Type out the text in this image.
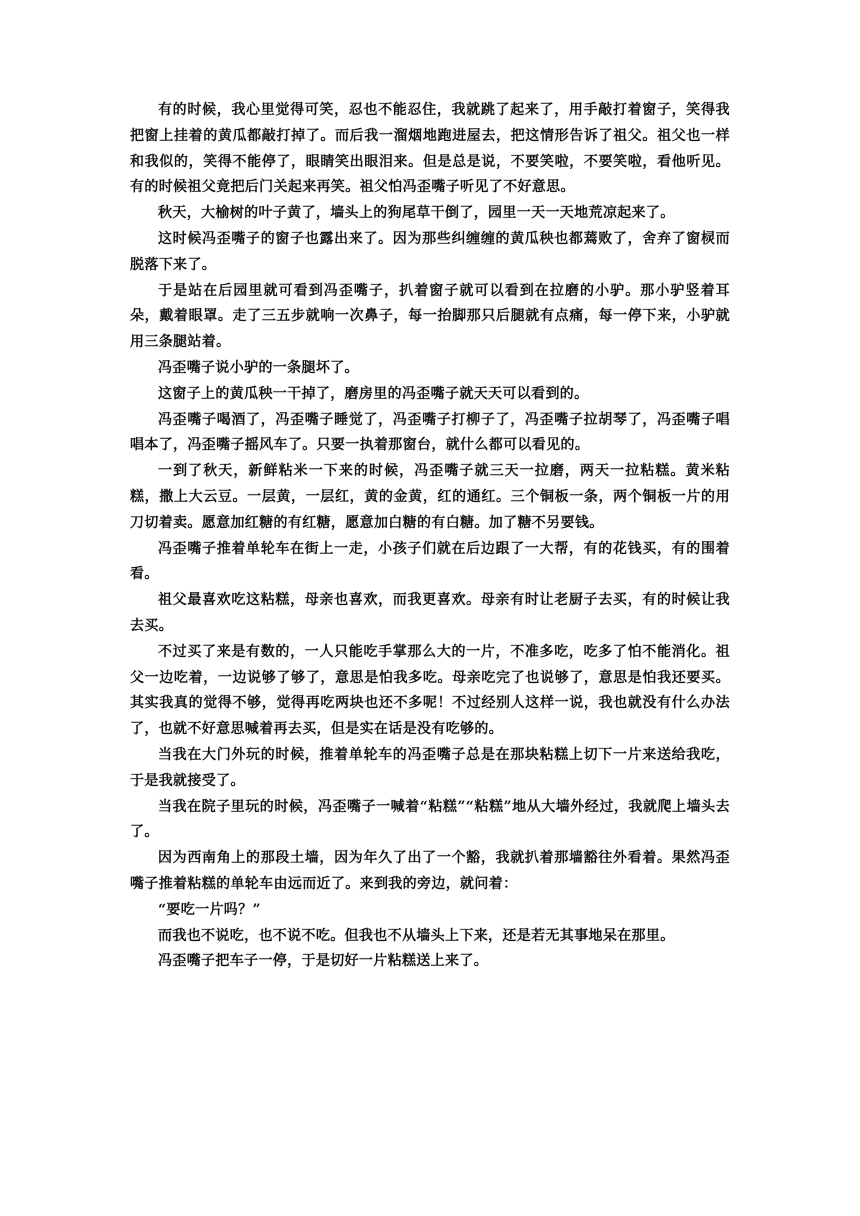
有的时候，我心里觉得可笑，忍也不能忍住，我就跳了起来了，用手敲打着窗子，笑得我把窗上挂着的黄瓜都敲打掉了。而后我一溜烟地跑进屋去，把这情形告诉了祖父。祖父也一样和我似的，笑得不能停了，眼睛笑出眼泪来。但是总是说，不要笑啦，不要笑啦，看他听见。有的时候祖父竟把后门关起来再笑。祖父怕冯歪嘴子听见了不好意思。

秋天，大榆树的叶子黄了，墙头上的狗尾草干倒了，园里一天一天地荒凉起来了。

这时候冯歪嘴子的窗子也露出来了。因为那些纠缠缠的黄瓜秧也都蔫败了，舍弃了窗棂而脱落下来了。

于是站在后园里就可看到冯歪嘴子，扒着窗子就可以看到在拉磨的小驴。那小驴竖着耳朵，戴着眼罩。走了三五步就响一次鼻子，每一抬脚那只后腿就有点痛，每一停下来，小驴就用三条腿站着。

冯歪嘴子说小驴的一条腿坏了。

这窗子上的黄瓜秧一干掉了，磨房里的冯歪嘴子就天天可以看到的。

冯歪嘴子喝酒了，冯歪嘴子睡觉了，冯歪嘴子打柳子了，冯歪嘴子拉胡琴了，冯歪嘴子唱唱本了，冯歪嘴子摇风车了。只要一执着那窗台，就什么都可以看见的。

一到了秋天，新鲜粘米一下来的时候，冯歪嘴子就三天一拉磨，两天一拉粘糕。黄米粘糕，撒上大云豆。一层黄，一层红，黄的金黄，红的通红。三个铜板一条，两个铜板一片的用刀切着卖。愿意加红糖的有红糖，愿意加白糖的有白糖。加了糖不另要钱。

冯歪嘴子推着单轮车在街上一走，小孩子们就在后边跟了一大帮，有的花钱买，有的围着看。

祖父最喜欢吃这粘糕，母亲也喜欢，而我更喜欢。母亲有时让老厨子去买，有的时候让我去买。

不过买了来是有数的，一人只能吃手掌那么大的一片，不准多吃，吃多了怕不能消化。祖父一边吃着，一边说够了够了，意思是怕我多吃。母亲吃完了也说够了，意思是怕我还要买。其实我真的觉得不够，觉得再吃两块也还不多呢！不过经别人这样一说，我也就没有什么办法了，也就不好意思喊着再去买，但是实在话是没有吃够的。

当我在大门外玩的时候，推着单轮车的冯歪嘴子总是在那块粘糕上切下一片来送给我吃，于是我就接受了。

当我在院子里玩的时候，冯歪嘴子一喊着“粘糕”“粘糕”地从大墙外经过，我就爬上墙头去了。

因为西南角上的那段土墙，因为年久了出了一个豁，我就扒着那墙豁往外看着。果然冯歪嘴子推着粘糕的单轮车由远而近了。来到我的旁边，就问着：

“要吃一片吗？”

而我也不说吃，也不说不吃。但我也不从墙头上下来，还是若无其事地呆在那里。

冯歪嘴子把车子一停，于是切好一片粘糕送上来了。
